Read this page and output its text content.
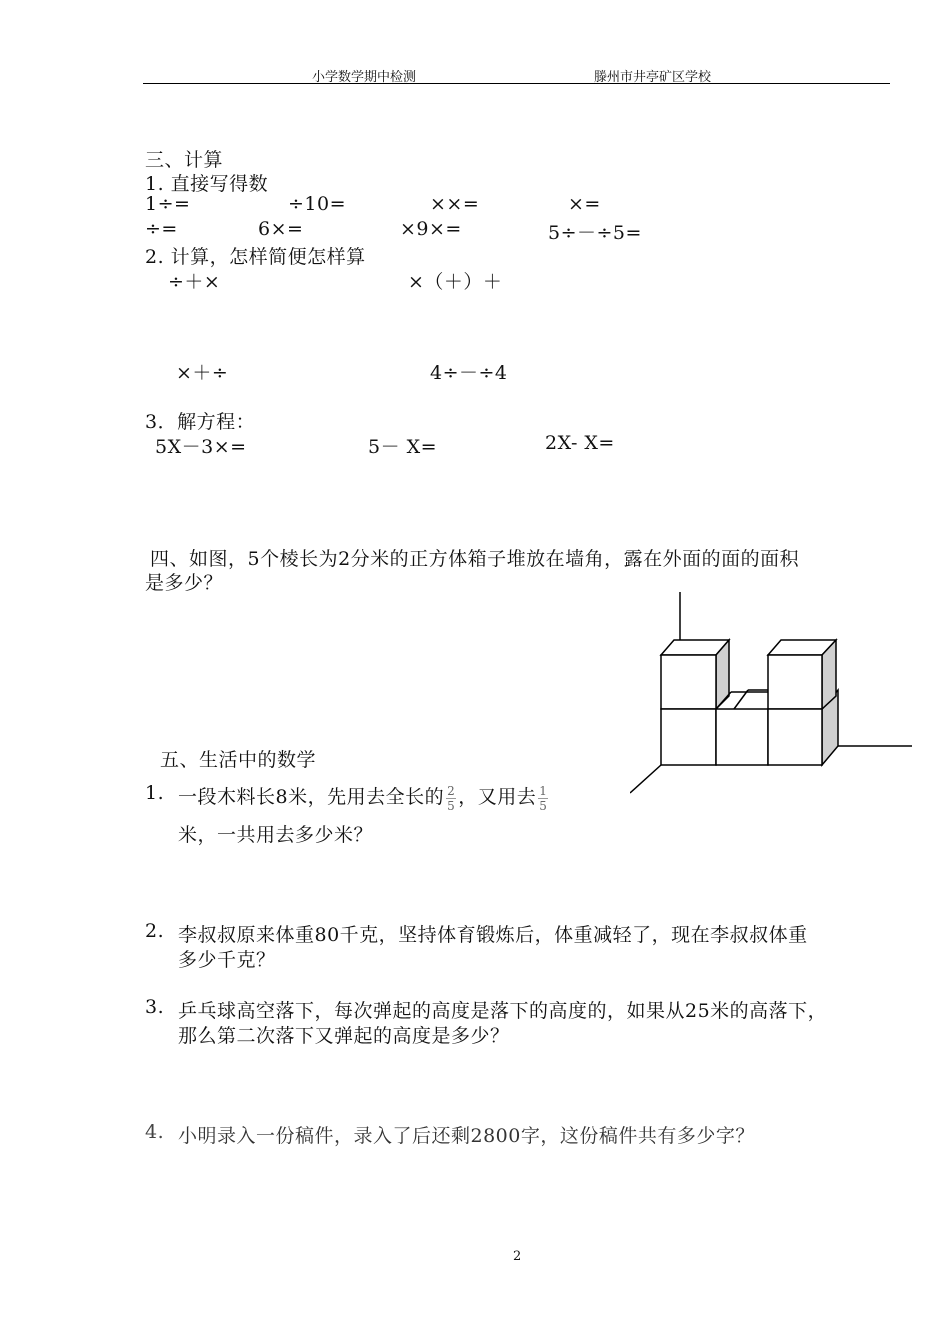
小学数学期中检测	滕州市井亭矿区学校
三、计算
1. 直接写得数
1÷=	÷10=	××=	×=
÷=	6×=	×9×=	5÷－÷5=
2. 计算，怎样简便怎样算
÷＋×	×（＋）＋
×＋÷	4÷－÷4
3．解方程：
5X－3×=	5－ X=	2X- X=
四、如图，5个棱长为2分米的正方体箱子堆放在墙角，露在外面的面的面积
是多少？
五、生活中的数学
1. 一段木料长8米，先用去全长的 $\frac{2}{5}$ ，又用去 $\frac{1}{5}$
米，一共用去多少米？
2. 李叔叔原来体重80千克，坚持体育锻炼后，体重减轻了，现在李叔叔体重
多少千克？
3. 乒乓球高空落下，每次弹起的高度是落下的高度的，如果从25米的高落下，
那么第二次落下又弹起的高度是多少？
4. 小明录入一份稿件，录入了后还剩2800字，这份稿件共有多少字？
2
